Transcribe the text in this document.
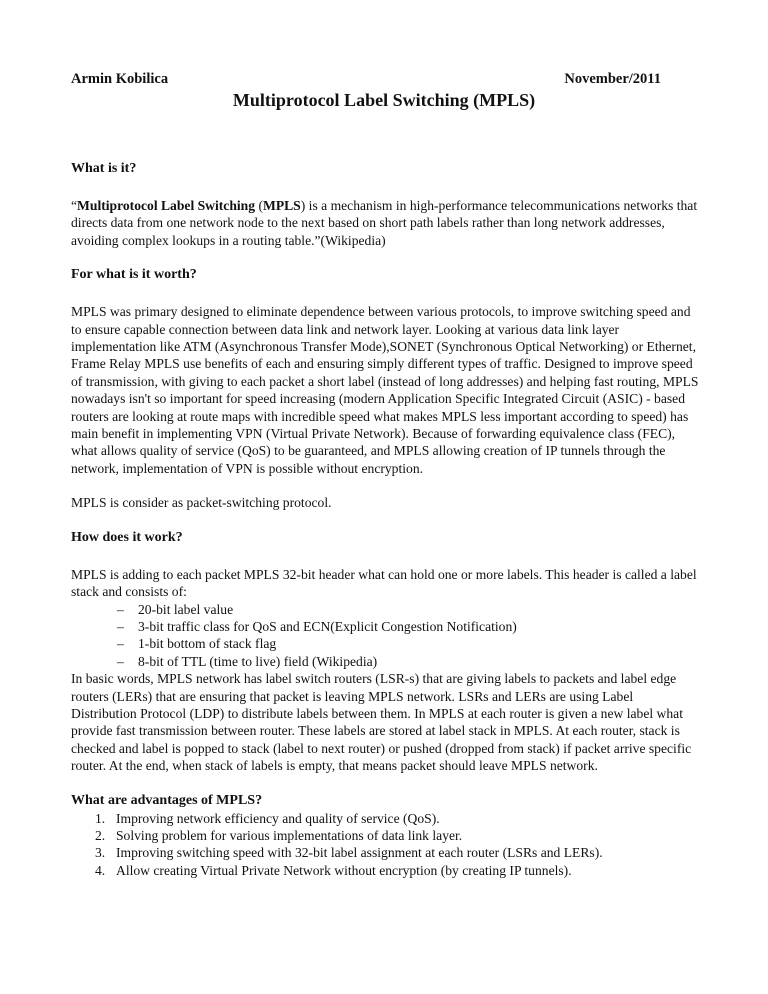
Armin Kobilica	November/2011
Multiprotocol Label Switching (MPLS)
What is it?

“Multiprotocol Label Switching (MPLS) is a mechanism in high-performance telecommunications networks that directs data from one network node to the next based on short path labels rather than long network addresses, avoiding complex lookups in a routing table.”(Wikipedia)

For what is it worth?

MPLS was primary designed to eliminate dependence between various protocols, to improve switching speed and to ensure capable connection between data link and network layer. Looking at various data link layer implementation like ATM (Asynchronous Transfer Mode),SONET (Synchronous Optical Networking) or Ethernet, Frame Relay MPLS use benefits of each and ensuring simply different types of traffic. Designed to improve speed of transmission, with giving to each packet a short label (instead of long addresses) and helping fast routing, MPLS nowadays isn't so important for speed increasing (modern Application Specific Integrated Circuit (ASIC) - based routers are looking at route maps with incredible speed what makes MPLS less important according to speed) has main benefit in implementing VPN (Virtual Private Network). Because of forwarding equivalence class (FEC), what allows quality of service (QoS) to be guaranteed, and MPLS allowing creation of IP tunnels through the network, implementation of VPN is possible without encryption.

MPLS is consider as packet-switching protocol.

How does it work?

MPLS is adding to each packet MPLS 32-bit header what can hold one or more labels. This header is called a label stack and consists of:

– 20-bit label value
– 3-bit traffic class for QoS and ECN(Explicit Congestion Notification)
– 1-bit bottom of stack flag
– 8-bit of TTL (time to live) field (Wikipedia)

In basic words, MPLS network has label switch routers (LSR-s) that are giving labels to packets and label edge routers (LERs) that are ensuring that packet is leaving MPLS network. LSRs and LERs are using Label Distribution Protocol (LDP) to distribute labels between them. In MPLS at each router is given a new label what provide fast transmission between router. These labels are stored at label stack in MPLS. At each router, stack is checked and label is popped to stack (label to next router) or pushed (dropped from stack) if packet arrive specific router. At the end, when stack of labels is empty, that means packet should leave MPLS network.

What are advantages of MPLS?
1. Improving network efficiency and quality of service (QoS).
2. Solving problem for various implementations of data link layer.
3. Improving switching speed with 32-bit label assignment at each router (LSRs and LERs).
4. Allow creating Virtual Private Network without encryption (by creating IP tunnels).
